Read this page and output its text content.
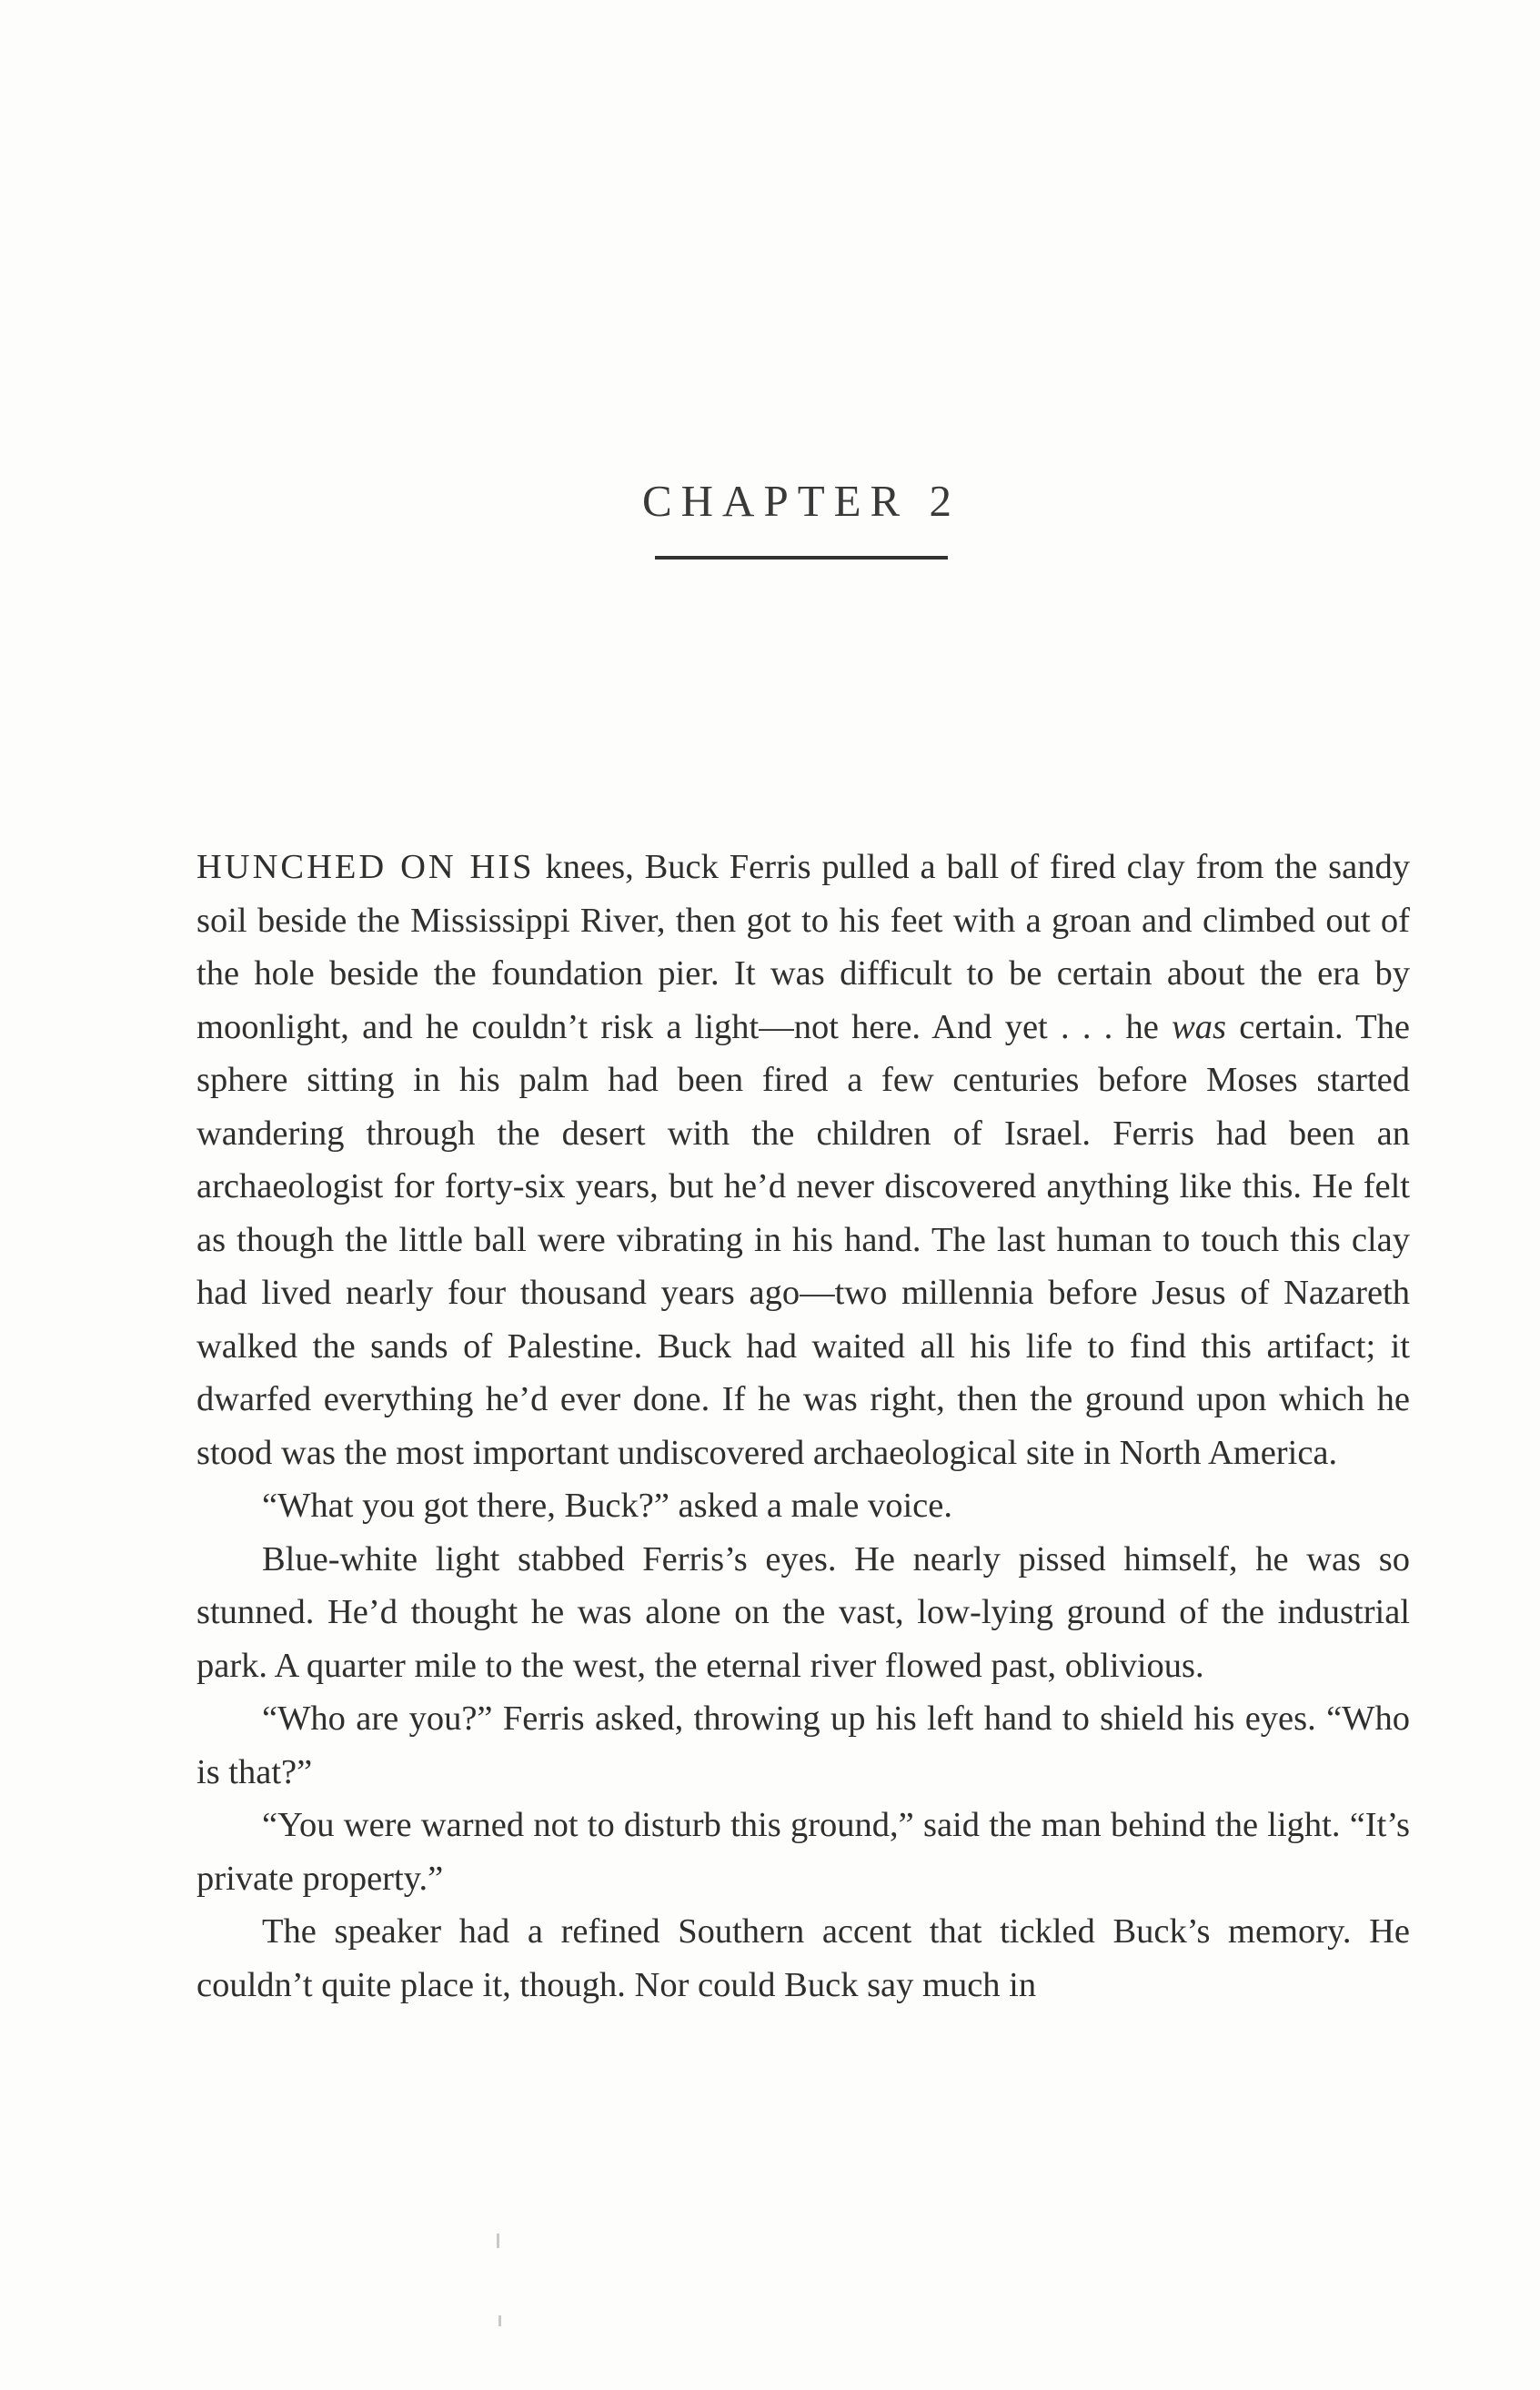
CHAPTER 2

HUNCHED ON HIS knees, Buck Ferris pulled a ball of fired clay from the sandy soil beside the Mississippi River, then got to his feet with a groan and climbed out of the hole beside the foundation pier. It was difficult to be certain about the era by moonlight, and he couldn’t risk a light—not here. And yet . . . he was certain. The sphere sitting in his palm had been fired a few centuries before Moses started wandering through the desert with the children of Israel. Ferris had been an archaeologist for forty-six years, but he’d never discovered anything like this. He felt as though the little ball were vibrating in his hand. The last human to touch this clay had lived nearly four thousand years ago—two millennia before Jesus of Nazareth walked the sands of Palestine. Buck had waited all his life to find this artifact; it dwarfed everything he’d ever done. If he was right, then the ground upon which he stood was the most important undiscovered archaeological site in North America.

“What you got there, Buck?” asked a male voice.

Blue-white light stabbed Ferris’s eyes. He nearly pissed himself, he was so stunned. He’d thought he was alone on the vast, low-lying ground of the industrial park. A quarter mile to the west, the eternal river flowed past, oblivious.

“Who are you?” Ferris asked, throwing up his left hand to shield his eyes. “Who is that?”

“You were warned not to disturb this ground,” said the man behind the light. “It’s private property.”

The speaker had a refined Southern accent that tickled Buck’s memory. He couldn’t quite place it, though. Nor could Buck say much in
